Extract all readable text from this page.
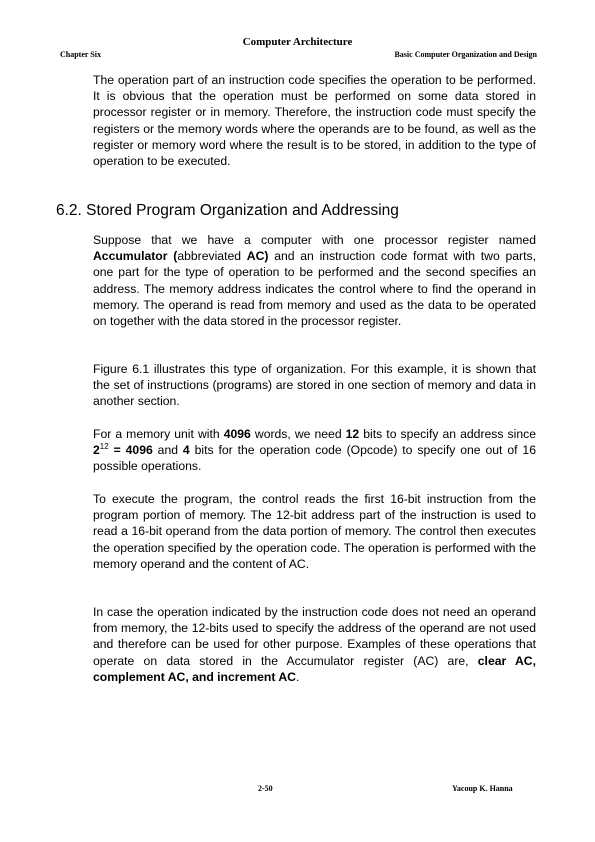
Computer Architecture
Chapter Six	Basic Computer Organization and Design

The operation part of an instruction code specifies the operation to be performed. It is obvious that the operation must be performed on some data stored in processor register or in memory. Therefore, the instruction code must specify the registers or the memory words where the operands are to be found, as well as the register or memory word where the result is to be stored, in addition to the type of operation to be executed.

6.2. Stored Program Organization and Addressing

Suppose that we have a computer with one processor register named Accumulator (abbreviated AC) and an instruction code format with two parts, one part for the type of operation to be performed and the second specifies an address. The memory address indicates the control where to find the operand in memory. The operand is read from memory and used as the data to be operated on together with the data stored in the processor register.

Figure 6.1 illustrates this type of organization. For this example, it is shown that the set of instructions (programs) are stored in one section of memory and data in another section.

For a memory unit with 4096 words, we need 12 bits to specify an address since $2^{12} = 4096$ and 4 bits for the operation code (Opcode) to specify one out of 16 possible operations.

To execute the program, the control reads the first 16-bit instruction from the program portion of memory. The 12-bit address part of the instruction is used to read a 16-bit operand from the data portion of memory. The control then executes the operation specified by the operation code. The operation is performed with the memory operand and the content of AC.

In case the operation indicated by the instruction code does not need an operand from memory, the 12-bits used to specify the address of the operand are not used and therefore can be used for other purpose. Examples of these operations that operate on data stored in the Accumulator register (AC) are, clear AC, complement AC, and increment AC.

2-50	Yacoup K. Hanna
